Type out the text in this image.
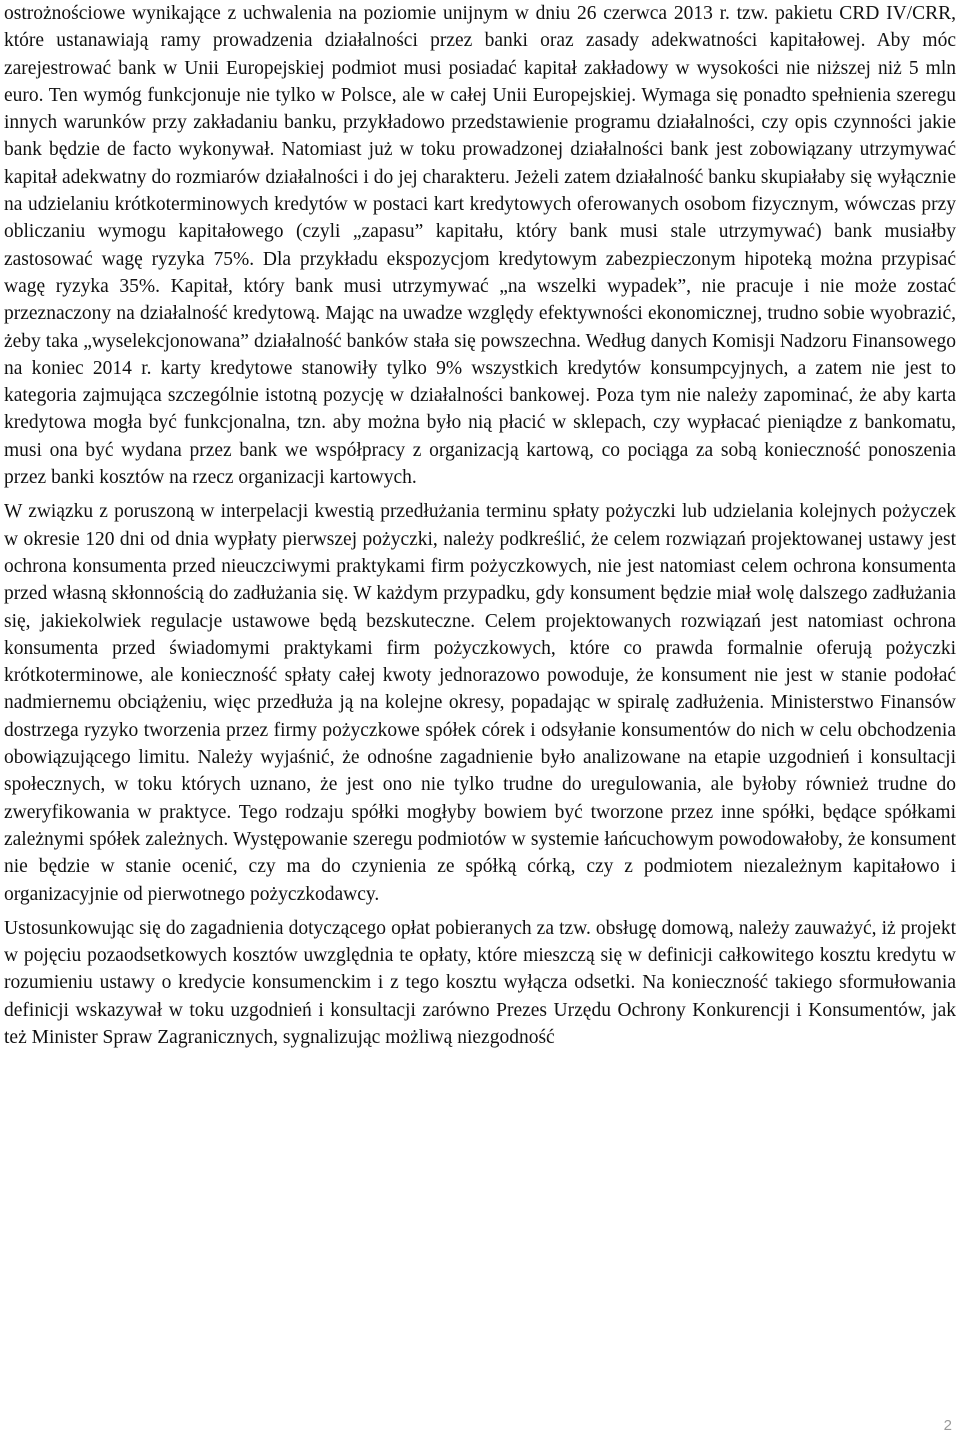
ostrożnościowe wynikające z uchwalenia na poziomie unijnym w dniu 26 czerwca 2013 r. tzw. pakietu CRD IV/CRR, które ustanawiają ramy prowadzenia działalności przez banki oraz zasady adekwatności kapitałowej. Aby móc zarejestrować bank w Unii Europejskiej podmiot musi posiadać kapitał zakładowy w wysokości nie niższej niż 5 mln euro. Ten wymóg funkcjonuje nie tylko w Polsce, ale w całej Unii Europejskiej. Wymaga się ponadto spełnienia szeregu innych warunków przy zakładaniu banku, przykładowo przedstawienie programu działalności, czy opis czynności jakie bank będzie de facto wykonywał. Natomiast już w toku prowadzonej działalności bank jest zobowiązany utrzymywać kapitał adekwatny do rozmiarów działalności i do jej charakteru. Jeżeli zatem działalność banku skupiałaby się wyłącznie na udzielaniu krótkoterminowych kredytów w postaci kart kredytowych oferowanych osobom fizycznym, wówczas przy obliczaniu wymogu kapitałowego (czyli „zapasu” kapitału, który bank musi stale utrzymywać) bank musiałby zastosować wagę ryzyka 75%. Dla przykładu ekspozycjom kredytowym zabezpieczonym hipoteką można przypisać wagę ryzyka 35%. Kapitał, który bank musi utrzymywać „na wszelki wypadek”, nie pracuje i nie może zostać przeznaczony na działalność kredytową. Mając na uwadze względy efektywności ekonomicznej, trudno sobie wyobrazić, żeby taka „wyselekcjonowana” działalność banków stała się powszechna. Według danych Komisji Nadzoru Finansowego na koniec 2014 r. karty kredytowe stanowiły tylko 9% wszystkich kredytów konsumpcyjnych, a zatem nie jest to kategoria zajmująca szczególnie istotną pozycję w działalności bankowej. Poza tym nie należy zapominać, że aby karta kredytowa mogła być funkcjonalna, tzn. aby można było nią płacić w sklepach, czy wypłacać pieniądze z bankomatu, musi ona być wydana przez bank we współpracy z organizacją kartową, co pociąga za sobą konieczność ponoszenia przez banki kosztów na rzecz organizacji kartowych.

W związku z poruszoną w interpelacji kwestią przedłużania terminu spłaty pożyczki lub udzielania kolejnych pożyczek w okresie 120 dni od dnia wypłaty pierwszej pożyczki, należy podkreślić, że celem rozwiązań projektowanej ustawy jest ochrona konsumenta przed nieuczciwymi praktykami firm pożyczkowych, nie jest natomiast celem ochrona konsumenta przed własną skłonnością do zadłużania się. W każdym przypadku, gdy konsument będzie miał wolę dalszego zadłużania się, jakiekolwiek regulacje ustawowe będą bezskuteczne. Celem projektowanych rozwiązań jest natomiast ochrona konsumenta przed świadomymi praktykami firm pożyczkowych, które co prawda formalnie oferują pożyczki krótkoterminowe, ale konieczność spłaty całej kwoty jednorazowo powoduje, że konsument nie jest w stanie podołać nadmiernemu obciążeniu, więc przedłuża ją na kolejne okresy, popadając w spiralę zadłużenia. Ministerstwo Finansów dostrzega ryzyko tworzenia przez firmy pożyczkowe spółek córek i odsyłanie konsumentów do nich w celu obchodzenia obowiązującego limitu. Należy wyjaśnić, że odnośne zagadnienie było analizowane na etapie uzgodnień i konsultacji społecznych, w toku których uznano, że jest ono nie tylko trudne do uregulowania, ale byłoby również trudne do zweryfikowania w praktyce. Tego rodzaju spółki mogłyby bowiem być tworzone przez inne spółki, będące spółkami zależnymi spółek zależnych. Występowanie szeregu podmiotów w systemie łańcuchowym powodowałoby, że konsument nie będzie w stanie ocenić, czy ma do czynienia ze spółką córką, czy z podmiotem niezależnym kapitałowo i organizacyjnie od pierwotnego pożyczkodawcy.

Ustosunkowując się do zagadnienia dotyczącego opłat pobieranych za tzw. obsługę domową, należy zauważyć, iż projekt w pojęciu pozaodsetkowych kosztów uwzględnia te opłaty, które mieszczą się w definicji całkowitego kosztu kredytu w rozumieniu ustawy o kredycie konsumenckim i z tego kosztu wyłącza odsetki. Na konieczność takiego sformułowania definicji wskazywał w toku uzgodnień i konsultacji zarówno Prezes Urzędu Ochrony Konkurencji i Konsumentów, jak też Minister Spraw Zagranicznych, sygnalizując możliwą niezgodność

2
